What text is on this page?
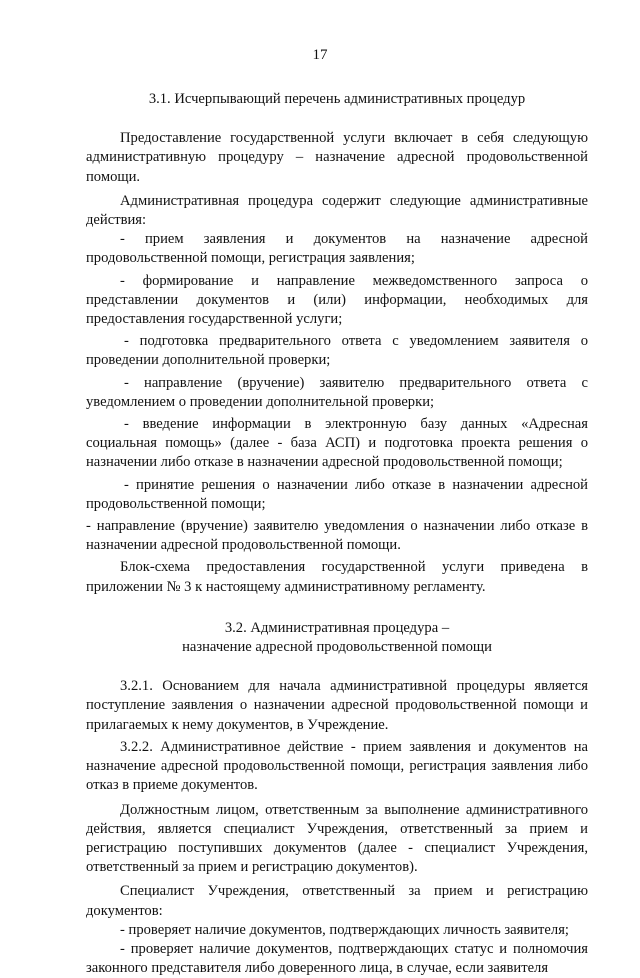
17
3.1. Исчерпывающий перечень административных процедур

Предоставление государственной услуги включает в себя следующую административную процедуру – назначение адресной продовольственной помощи.

Административная процедура содержит следующие административные действия:

- прием заявления и документов на назначение адресной продовольственной помощи, регистрация заявления;

- формирование и направление межведомственного запроса о представлении документов и (или) информации, необходимых для предоставления государственной услуги;

- подготовка предварительного ответа с уведомлением заявителя о проведении дополнительной проверки;

- направление (вручение) заявителю предварительного ответа с уведомлением о проведении дополнительной проверки;

- введение информации в электронную базу данных «Адресная социальная помощь» (далее - база АСП) и подготовка проекта решения о назначении либо отказе в назначении адресной продовольственной помощи;

- принятие решения о назначении либо отказе в назначении адресной продовольственной помощи;

- направление (вручение) заявителю уведомления о назначении либо отказе в назначении адресной продовольственной помощи.

Блок-схема предоставления государственной услуги приведена в приложении № 3 к настоящему административному регламенту.

3.2. Административная процедура –
назначение адресной продовольственной помощи

3.2.1. Основанием для начала административной процедуры является поступление заявления о назначении адресной продовольственной помощи и прилагаемых к нему документов, в Учреждение.

3.2.2. Административное действие - прием заявления и документов на назначение адресной продовольственной помощи, регистрация заявления либо отказ в приеме документов.

Должностным лицом, ответственным за выполнение административного действия, является специалист Учреждения, ответственный за прием и регистрацию поступивших документов (далее - специалист Учреждения, ответственный за прием и регистрацию документов).

Специалист Учреждения, ответственный за прием и регистрацию документов:

- проверяет наличие документов, подтверждающих личность заявителя;

- проверяет наличие документов, подтверждающих статус и полномочия законного представителя либо доверенного лица, в случае, если заявителя
